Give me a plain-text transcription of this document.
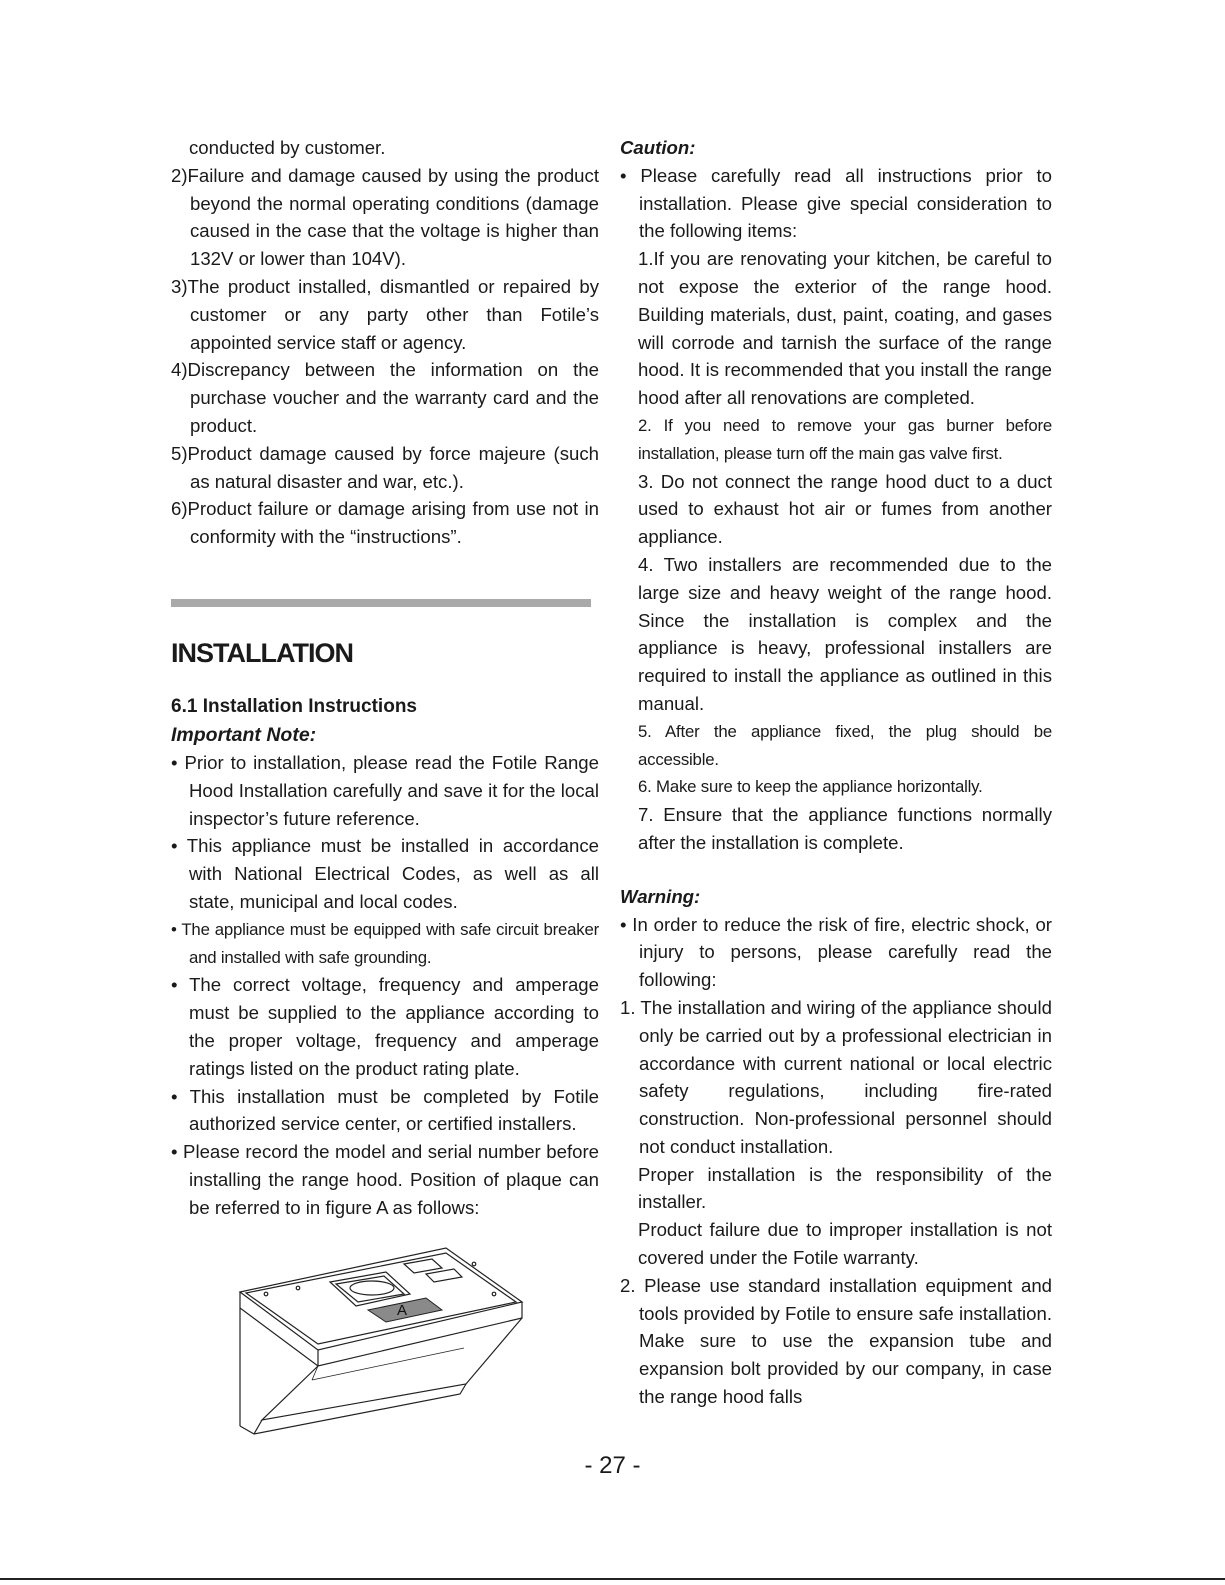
conducted by customer.

2)Failure and damage caused by using the product beyond the normal operating conditions (damage caused in the case that the voltage is higher than 132V or lower than 104V).

3)The product installed, dismantled or repaired by customer or any party other than Fotile’s appointed service staff or agency.

4)Discrepancy between the information on the purchase voucher and the warranty card and the product.

5)Product damage caused by force majeure (such as natural disaster and war, etc.).

6)Product failure or damage arising from use not in conformity with the “instructions”.

INSTALLATION
6.1 Installation Instructions

Important Note:

• Prior to installation, please read the Fotile Range Hood Installation carefully and save it for the local inspector’s future reference.

• This appliance must be installed in accordance with National Electrical Codes, as well as all state, municipal and local codes.

• The appliance must be equipped with safe circuit breaker and installed with safe grounding.

• The correct voltage, frequency and amperage must be supplied to the appliance according to the proper voltage, frequency and amperage ratings listed on the product rating plate.

• This installation must be completed by Fotile authorized service center, or certified installers.

• Please record the model and serial number before installing the range hood. Position of plaque can be referred to in figure A as follows:

A

Caution:

• Please carefully read all instructions prior to installation. Please give special consideration to the following items:

1.If you are renovating your kitchen, be careful to not expose the exterior of the range hood. Building materials, dust, paint, coating, and gases will corrode and tarnish the surface of the range hood. It is recommended that you install the range hood after all renovations are completed.

2. If you need to remove your gas burner before installation, please turn off the main gas valve first.

3. Do not connect the range hood duct to a duct used to exhaust hot air or fumes from another appliance.

4. Two installers are recommended due to the large size and heavy weight of the range hood. Since the installation is complex and the appliance is heavy, professional installers are required to install the appliance as outlined in this manual.

5. After the appliance fixed, the plug should be accessible.

6. Make sure to keep the appliance horizontally.

7. Ensure that the appliance functions normally after the installation is complete.

Warning:

• In order to reduce the risk of fire, electric shock, or injury to persons, please carefully read the following:

1. The installation and wiring of the appliance should only be carried out by a professional electrician in accordance with current national or local electric safety regulations, including fire-rated construction. Non-professional personnel should not conduct installation.

Proper installation is the responsibility of the installer.

Product failure due to improper installation is not covered under the Fotile warranty.

2. Please use standard installation equipment and tools provided by Fotile to ensure safe installation. Make sure to use the expansion tube and expansion bolt provided by our company, in case the range hood falls

- 27 -
